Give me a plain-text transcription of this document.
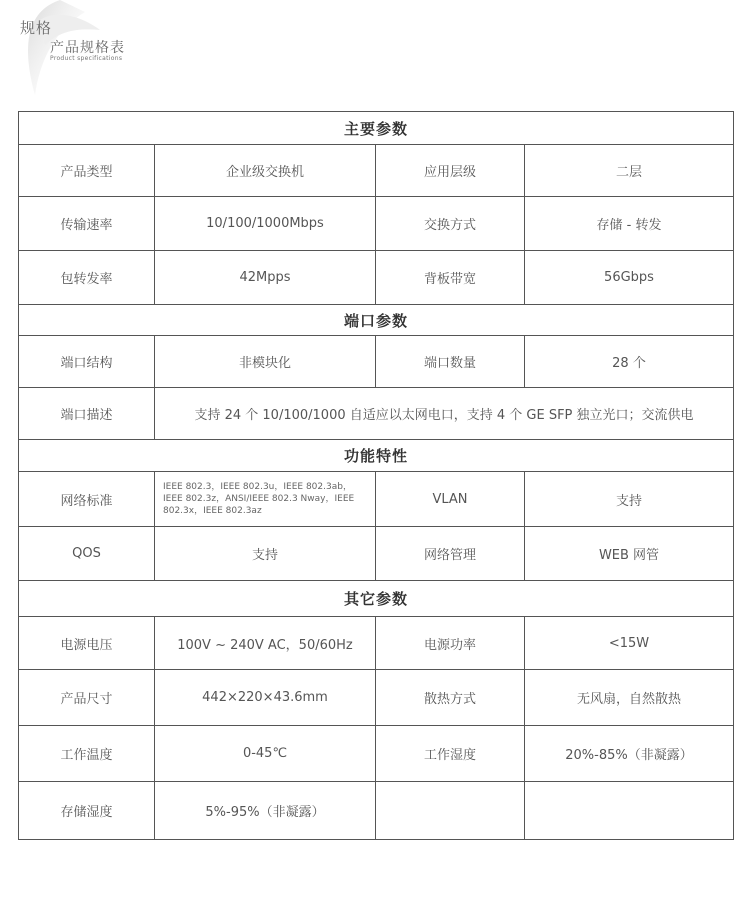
规格
产品规格表
Product specifications
主要参数			
产品类型	企业级交换机	应用层级	二层
传输速率	10/100/1000Mbps	交换方式	存储 - 转发
包转发率	42Mpps	背板带宽	56Gbps
端口参数			
端口结构	非模块化	端口数量	28 个
端口描述	支持 24 个 10/100/1000 自适应以太网电口，支持 4 个 GE SFP 独立光口；交流供电		
功能特性			
网络标准	IEEE 802.3，IEEE 802.3u，IEEE 802.3ab，IEEE 802.3z，ANSI/IEEE 802.3 Nway，IEEE 802.3x，IEEE 802.3az	VLAN	支持
QOS	支持	网络管理	WEB 网管
其它参数			
电源电压	100V ~ 240V AC，50/60Hz	电源功率	<15W
产品尺寸	442×220×43.6mm	散热方式	无风扇，自然散热
工作温度	0-45℃	工作湿度	20%-85%（非凝露）
存储湿度	5%-95%（非凝露）		
